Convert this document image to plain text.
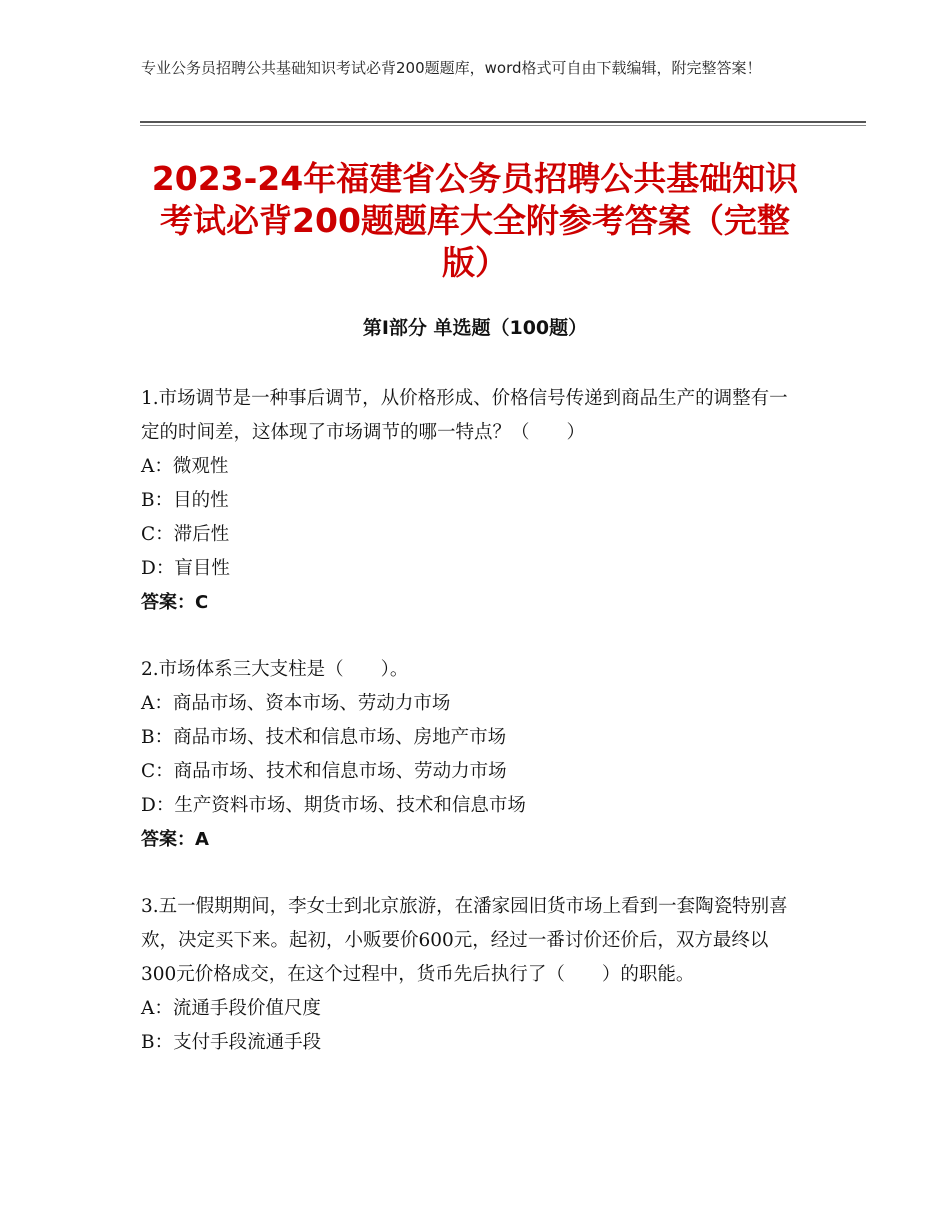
专业公务员招聘公共基础知识考试必背200题题库，word格式可自由下载编辑，附完整答案！
2023-24年福建省公务员招聘公共基础知识考试必背200题题库大全附参考答案（完整版）
第Ⅰ部分 单选题（100题）

1.市场调节是一种事后调节，从价格形成、价格信号传递到商品生产的调整有一定的时间差，这体现了市场调节的哪一特点？（　　）

A：微观性

B：目的性

C：滞后性

D：盲目性

答案：C

2.市场体系三大支柱是（　　）。

A：商品市场、资本市场、劳动力市场

B：商品市场、技术和信息市场、房地产市场

C：商品市场、技术和信息市场、劳动力市场

D：生产资料市场、期货市场、技术和信息市场

答案：A

3.五一假期期间，李女士到北京旅游，在潘家园旧货市场上看到一套陶瓷特别喜欢，决定买下来。起初，小贩要价600元，经过一番讨价还价后，双方最终以300元价格成交，在这个过程中，货币先后执行了（　　）的职能。

A：流通手段价值尺度

B：支付手段流通手段
